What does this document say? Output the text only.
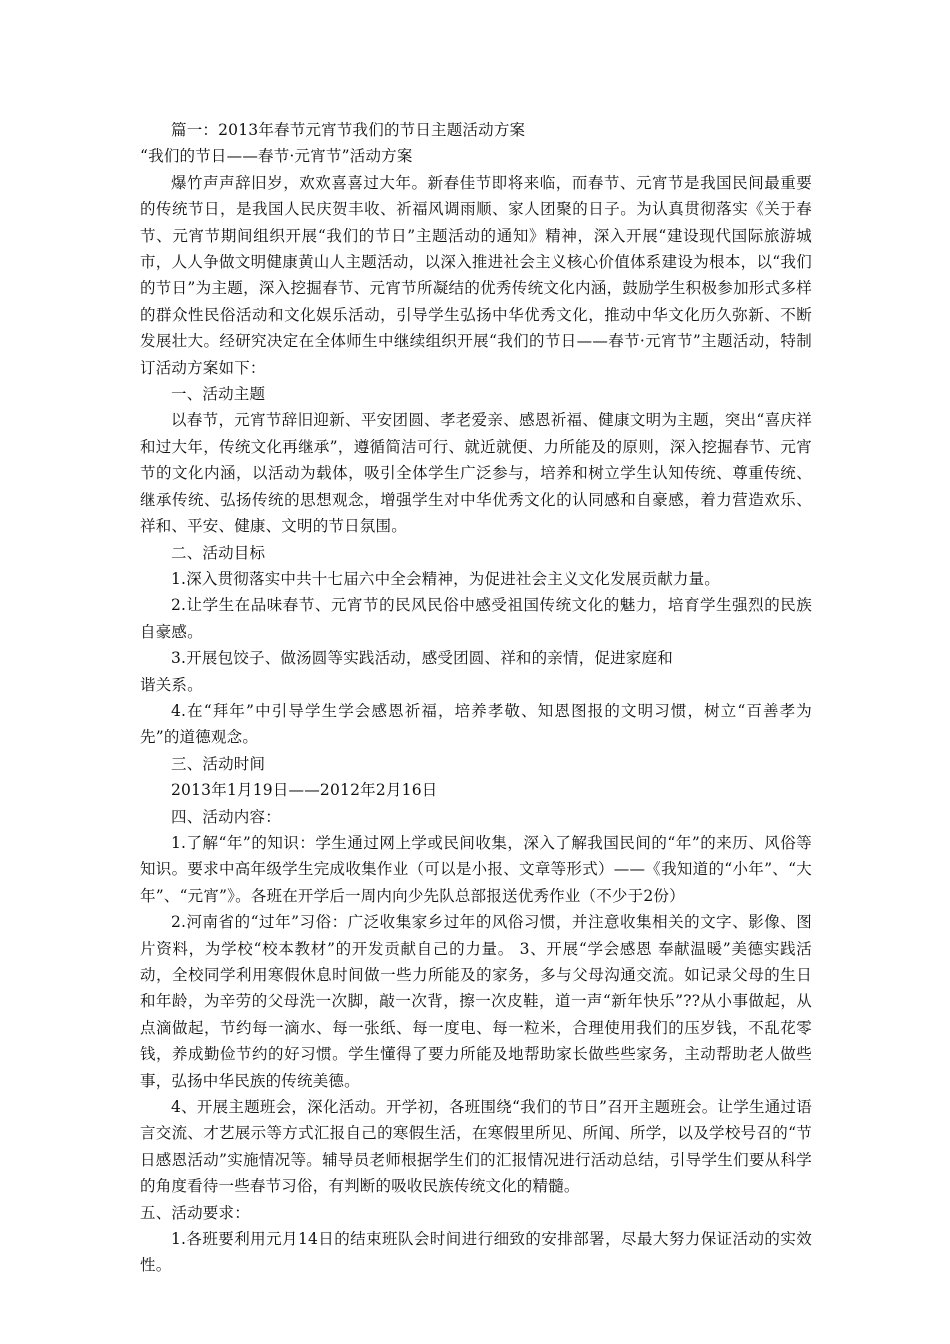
篇一：2013年春节元宵节我们的节日主题活动方案

“我们的节日——春节·元宵节”活动方案

爆竹声声辞旧岁，欢欢喜喜过大年。新春佳节即将来临，而春节、元宵节是我国民间最重要的传统节日，是我国人民庆贺丰收、祈福风调雨顺、家人团聚的日子。为认真贯彻落实《关于春节、元宵节期间组织开展“我们的节日”主题活动的通知》精神，深入开展“建设现代国际旅游城市，人人争做文明健康黄山人主题活动，以深入推进社会主义核心价值体系建设为根本，以“我们的节日”为主题，深入挖掘春节、元宵节所凝结的优秀传统文化内涵，鼓励学生积极参加形式多样的群众性民俗活动和文化娱乐活动，引导学生弘扬中华优秀文化，推动中华文化历久弥新、不断发展壮大。经研究决定在全体师生中继续组织开展“我们的节日——春节·元宵节”主题活动，特制订活动方案如下：

一、活动主题

以春节，元宵节辞旧迎新、平安团圆、孝老爱亲、感恩祈福、健康文明为主题，突出“喜庆祥和过大年，传统文化再继承”，遵循简洁可行、就近就便、力所能及的原则，深入挖掘春节、元宵节的文化内涵，以活动为载体，吸引全体学生广泛参与，培养和树立学生认知传统、尊重传统、继承传统、弘扬传统的思想观念，增强学生对中华优秀文化的认同感和自豪感，着力营造欢乐、祥和、平安、健康、文明的节日氛围。

二、活动目标

1.深入贯彻落实中共十七届六中全会精神，为促进社会主义文化发展贡献力量。

2.让学生在品味春节、元宵节的民风民俗中感受祖国传统文化的魅力，培育学生强烈的民族自豪感。

3.开展包饺子、做汤圆等实践活动，感受团圆、祥和的亲情，促进家庭和

谐关系。

4.在“拜年”中引导学生学会感恩祈福，培养孝敬、知恩图报的文明习惯，树立“百善孝为先”的道德观念。

三、活动时间

2013年1月19日——2012年2月16日

四、活动内容：

1.了解“年”的知识：学生通过网上学或民间收集，深入了解我国民间的“年”的来历、风俗等知识。要求中高年级学生完成收集作业（可以是小报、文章等形式）——《我知道的“小年”、“大年”、“元宵”》。各班在开学后一周内向少先队总部报送优秀作业（不少于2份）

2.河南省的“过年”习俗：广泛收集家乡过年的风俗习惯，并注意收集相关的文字、影像、图片资料，为学校“校本教材”的开发贡献自己的力量。 3、开展“学会感恩 奉献温暖”美德实践活动，全校同学利用寒假休息时间做一些力所能及的家务，多与父母沟通交流。如记录父母的生日和年龄，为辛劳的父母洗一次脚，敲一次背，擦一次皮鞋，道一声“新年快乐”??从小事做起，从点滴做起，节约每一滴水、每一张纸、每一度电、每一粒米，合理使用我们的压岁钱，不乱花零钱，养成勤俭节约的好习惯。学生懂得了要力所能及地帮助家长做些些家务，主动帮助老人做些事，弘扬中华民族的传统美德。

4、开展主题班会，深化活动。开学初，各班围绕“我们的节日”召开主题班会。让学生通过语言交流、才艺展示等方式汇报自己的寒假生活，在寒假里所见、所闻、所学，以及学校号召的“节日感恩活动”实施情况等。辅导员老师根据学生们的汇报情况进行活动总结，引导学生们要从科学的角度看待一些春节习俗，有判断的吸收民族传统文化的精髓。

五、活动要求：

1.各班要利用元月14日的结束班队会时间进行细致的安排部署，尽最大努力保证活动的实效性。
